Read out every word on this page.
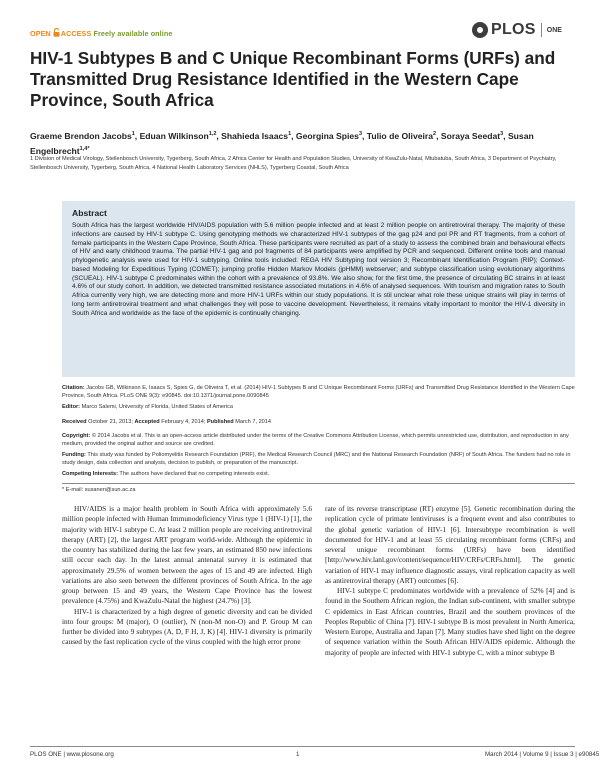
OPEN ACCESS Freely available online	PLOS ONE
HIV-1 Subtypes B and C Unique Recombinant Forms (URFs) and Transmitted Drug Resistance Identified in the Western Cape Province, South Africa
Graeme Brendon Jacobs$^1$, Eduan Wilkinson$^{1,2}$, Shahieda Isaacs$^1$, Georgina Spies$^3$, Tulio de Oliveira$^2$, Soraya Seedat$^3$, Susan Engelbrecht$^{1,4*}$
1 Division of Medical Virology, Stellenbosch University, Tygerberg, South Africa, 2 Africa Center for Health and Population Studies, University of KwaZulu-Natal, Mtubatuba, South Africa, 3 Department of Psychiatry, Stellenbosch University, Tygerberg, South Africa, 4 National Health Laboratory Services (NHLS), Tygerberg Coastal, South Africa
Abstract
South Africa has the largest worldwide HIV/AIDS population with 5.6 million people infected and at least 2 million people on antiretroviral therapy. The majority of these infections are caused by HIV-1 subtype C. Using genotyping methods we characterized HIV-1 subtypes of the gag p24 and pol PR and RT fragments, from a cohort of female participants in the Western Cape Province, South Africa. These participants were recruited as part of a study to assess the combined brain and behavioural effects of HIV and early childhood trauma. The partial HIV-1 gag and pol fragments of 84 participants were amplified by PCR and sequenced. Different online tools and manual phylogenetic analysis were used for HIV-1 subtyping. Online tools included: REGA HIV Subtyping tool version 3; Recombinant Identification Program (RIP); Context-based Modeling for Expeditious Typing (COMET); jumping profile Hidden Markov Models (jpHMM) webserver; and subtype classification using evolutionary algorithms (SCUEAL). HIV-1 subtype C predominates within the cohort with a prevalence of 93.8%. We also show, for the first time, the presence of circulating BC strains in at least 4.6% of our study cohort. In addition, we detected transmitted resistance associated mutations in 4.6% of analysed sequences. With tourism and migration rates to South Africa currently very high, we are detecting more and more HIV-1 URFs within our study populations. It is stil unclear what role these unique strains will play in terms of long term antiretroviral treatment and what challenges they will pose to vaccine development. Nevertheless, it remains vitally important to monitor the HIV-1 diversity in South Africa and worldwide as the face of the epidemic is continually changing.
Citation: Jacobs GB, Wilkinson E, Isaacs S, Spies G, de Oliveira T, et al. (2014) HIV-1 Subtypes B and C Unique Recombinant Forms (URFs) and Transmitted Drug Resistance Identified in the Western Cape Province, South Africa. PLoS ONE 9(3): e90845. doi:10.1371/journal.pone.0090845
Editor: Marco Salemi, University of Florida, United States of America
Received October 21, 2013; Accepted February 4, 2014; Published March 7, 2014
Copyright: © 2014 Jacobs et al. This is an open-access article distributed under the terms of the Creative Commons Attribution License, which permits unrestricted use, distribution, and reproduction in any medium, provided the original author and source are credited.
Funding: This study was funded by Poliomyelitis Research Foundation (PRF), the Medical Research Council (MRC) and the National Research Foundation (NRF) of South Africa. The funders had no role in study design, data collection and analysis, decision to publish, or preparation of the manuscript.
Competing Interests: The authors have declared that no competing interests exist.
* E-mail: susanen@sun.ac.za

HIV/AIDS is a major health problem in South Africa with approximately 5.6 million people infected with Human Immunodeficiency Virus type 1 (HIV-1) [1], the majority with HIV-1 subtype C. At least 2 million people are receiving antiretroviral therapy (ART) [2], the largest ART program world-wide. Although the epidemic in the country has stabilized during the last few years, an estimated 850 new infections still occur each day. In the latest annual antenatal survey it is estimated that approximately 29.5% of women between the ages of 15 and 49 are infected. High variations are also seen between the different provinces of South Africa. In the age group between 15 and 49 years, the Western Cape Province has the lowest prevalence (4.75%) and KwaZulu-Natal the highest (24.7%) [3].

HIV-1 is characterized by a high degree of genetic diversity and can be divided into four groups: M (major), O (outlier), N (non-M non-O) and P. Group M can further be divided into 9 subtypes (A, D, F H, J, K) [4]. HIV-1 diversity is primarily caused by the fast replication cycle of the virus coupled with the high error prone

rate of its reverse transcriptase (RT) enzyme [5]. Genetic recombination during the replication cycle of primate lentiviruses is a frequent event and also contributes to the global genetic variation of HIV-1 [6]. Intersubtype recombination is well documented for HIV-1 and at least 55 circulating recombinant forms (CRFs) and several unique recombinant forms (URFs) have been identified [http://www.hiv.lanl.gov/content/sequence/HIV/CRFs/CRFs.html]. The genetic variation of HIV-1 may influence diagnostic assays, viral replication capacity as well as antiretroviral therapy (ART) outcomes [6].

HIV-1 subtype C predominates worldwide with a prevalence of 52% [4] and is found in the Southern African region, the Indian sub-continent, with smaller subtype C epidemics in East African countries, Brazil and the southern provinces of the Peoples Republic of China [7]. HIV-1 subtype B is most prevalent in North America, Western Europe, Australia and Japan [7]. Many studies have shed light on the degree of sequence variation within the South African HIV/AIDS epidemic. Although the majority of people are infected with HIV-1 subtype C, with a minor subtype B

PLOS ONE | www.plosone.org	1	March 2014 | Volume 9 | Issue 3 | e90845
